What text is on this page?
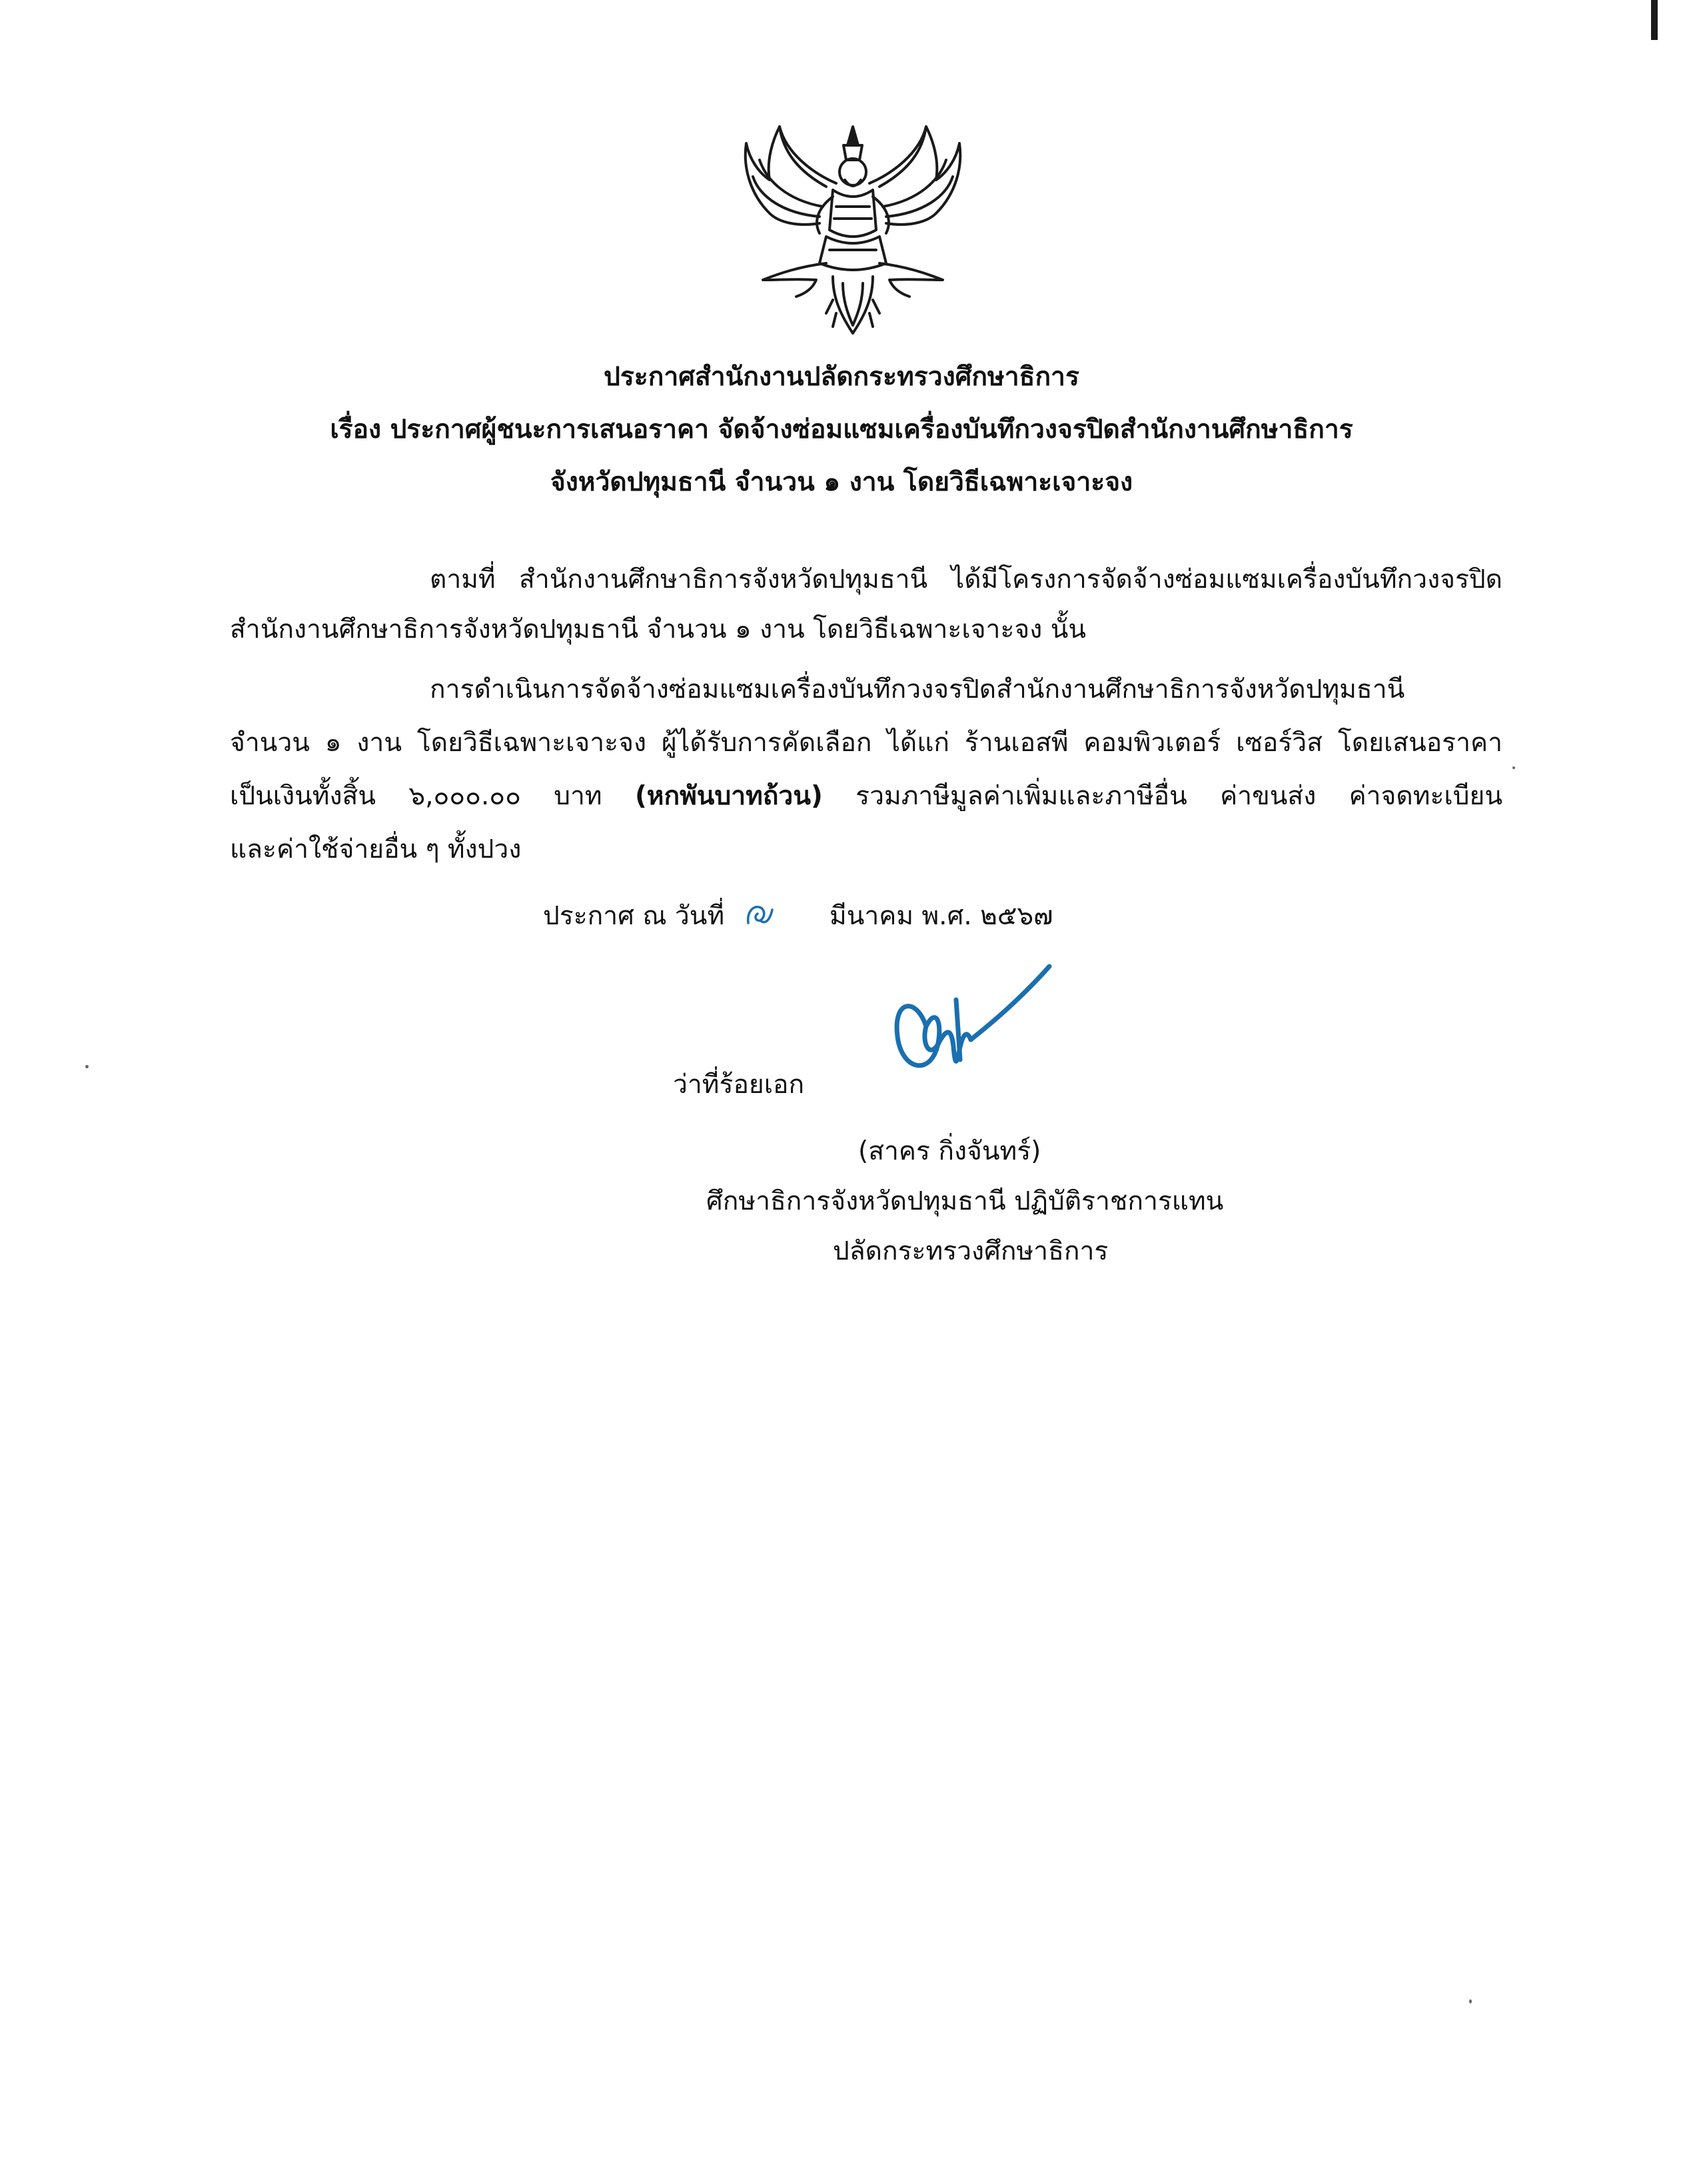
ประกาศสำนักงานปลัดกระทรวงศึกษาธิการ
เรื่อง ประกาศผู้ชนะการเสนอราคา จัดจ้างซ่อมแซมเครื่องบันทึกวงจรปิดสำนักงานศึกษาธิการ
จังหวัดปทุมธานี จำนวน ๑ งาน โดยวิธีเฉพาะเจาะจง
ตามที่ สำนักงานศึกษาธิการจังหวัดปทุมธานี ได้มีโครงการจัดจ้างซ่อมแซมเครื่องบันทึกวงจรปิด
สำนักงานศึกษาธิการจังหวัดปทุมธานี จำนวน ๑ งาน โดยวิธีเฉพาะเจาะจง นั้น
การดำเนินการจัดจ้างซ่อมแซมเครื่องบันทึกวงจรปิดสำนักงานศึกษาธิการจังหวัดปทุมธานี
จำนวน ๑ งาน โดยวิธีเฉพาะเจาะจง ผู้ได้รับการคัดเลือก ได้แก่ ร้านเอสพี คอมพิวเตอร์ เซอร์วิส โดยเสนอราคา
เป็นเงินทั้งสิ้น ๖,๐๐๐.๐๐ บาท (หกพันบาทถ้วน) รวมภาษีมูลค่าเพิ่มและภาษีอื่น ค่าขนส่ง ค่าจดทะเบียน
และค่าใช้จ่ายอื่น ๆ ทั้งปวง
ประกาศ ณ วันที่	มีนาคม พ.ศ. ๒๕๖๗
ว่าที่ร้อยเอก
(สาคร กิ่งจันทร์)
ศึกษาธิการจังหวัดปทุมธานี ปฏิบัติราชการแทน
ปลัดกระทรวงศึกษาธิการ
